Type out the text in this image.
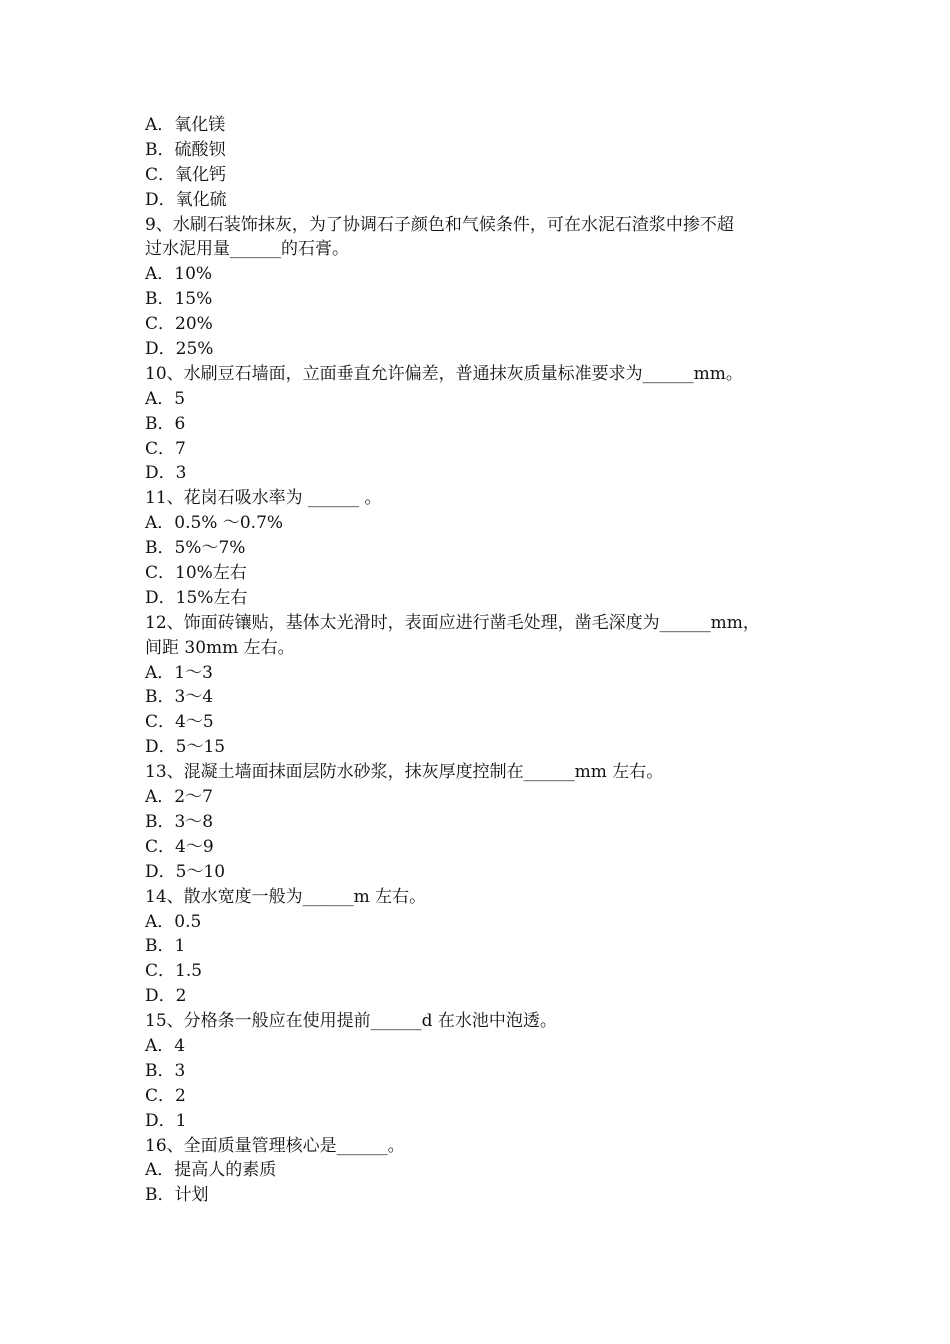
A．氧化镁
B．硫酸钡
C．氧化钙
D．氧化硫
9、水刷石装饰抹灰，为了协调石子颜色和气候条件，可在水泥石渣浆中掺不超
过水泥用量______的石膏。
A．10%
B．15%
C．20%
D．25%
10、水刷豆石墙面，立面垂直允许偏差，普通抹灰质量标准要求为______mm。
A．5
B．6
C．7
D．3
11、花岗石吸水率为 ______ 。
A．0.5% ～0.7%
B．5%～7%
C．10%左右
D．15%左右
12、饰面砖镶贴，基体太光滑时，表面应进行凿毛处理，凿毛深度为______mm，
间距 30mm 左右。
A．1～3
B．3～4
C．4～5
D．5～15
13、混凝土墙面抹面层防水砂浆，抹灰厚度控制在______mm 左右。
A．2～7
B．3～8
C．4～9
D．5～10
14、散水宽度一般为______m 左右。
A．0.5
B．1
C．1.5
D．2
15、分格条一般应在使用提前______d 在水池中泡透。
A．4
B．3
C．2
D．1
16、全面质量管理核心是______。
A．提高人的素质
B．计划
